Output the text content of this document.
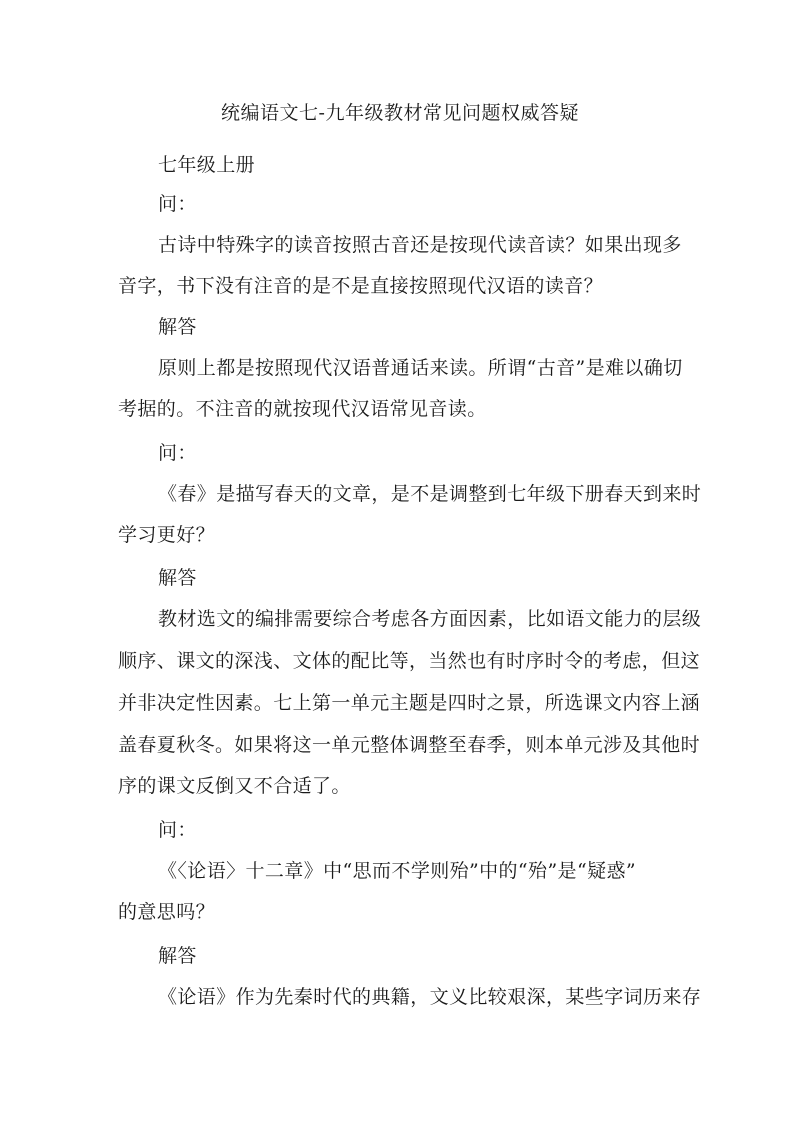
统编语文七-九年级教材常见问题权威答疑
七年级上册
问：
古诗中特殊字的读音按照古音还是按现代读音读？如果出现多
音字，书下没有注音的是不是直接按照现代汉语的读音？
解答
原则上都是按照现代汉语普通话来读。所谓“古音”是难以确切
考据的。不注音的就按现代汉语常见音读。
问：
《春》是描写春天的文章，是不是调整到七年级下册春天到来时
学习更好？
解答
教材选文的编排需要综合考虑各方面因素，比如语文能力的层级
顺序、课文的深浅、文体的配比等，当然也有时序时令的考虑，但这
并非决定性因素。七上第一单元主题是四时之景，所选课文内容上涵
盖春夏秋冬。如果将这一单元整体调整至春季，则本单元涉及其他时
序的课文反倒又不合适了。
问：
《〈论语〉十二章》中“思而不学则殆”中的“殆”是“疑惑”
的意思吗？
解答
《论语》作为先秦时代的典籍，文义比较艰深，某些字词历来存
